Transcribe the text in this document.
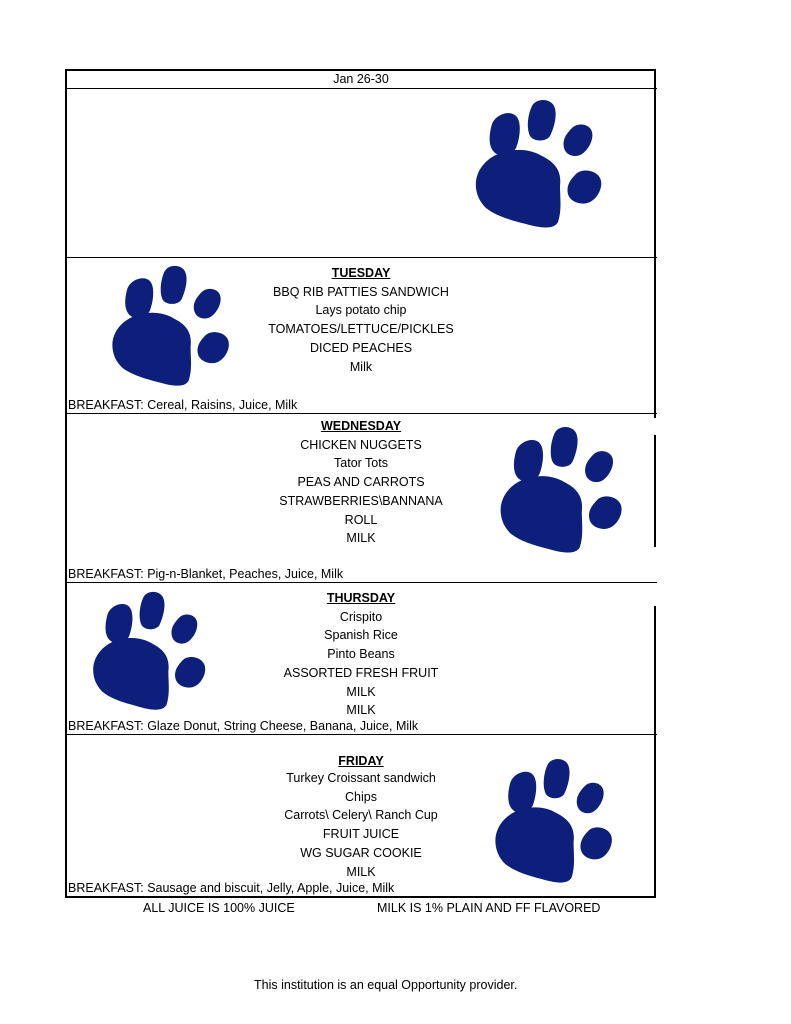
Jan 26-30
TUESDAY
BBQ RIB PATTIES SANDWICH
Lays potato chip
TOMATOES/LETTUCE/PICKLES
DICED PEACHES
Milk
BREAKFAST: Cereal, Raisins, Juice, Milk
WEDNESDAY
CHICKEN NUGGETS
Tator Tots
PEAS AND CARROTS
STRAWBERRIES\BANNANA
ROLL
MILK
BREAKFAST: Pig-n-Blanket, Peaches, Juice, Milk
THURSDAY
Crispito
Spanish Rice
Pinto Beans
ASSORTED FRESH FRUIT
MILK
MILK
BREAKFAST: Glaze Donut, String Cheese, Banana, Juice, Milk
FRIDAY
Turkey Croissant sandwich
Chips
Carrots\ Celery\ Ranch Cup
FRUIT JUICE
WG SUGAR COOKIE
MILK
BREAKFAST: Sausage and biscuit, Jelly, Apple, Juice, Milk
ALL JUICE IS 100% JUICE	MILK IS 1% PLAIN AND FF FLAVORED
This institution is an equal Opportunity provider.
